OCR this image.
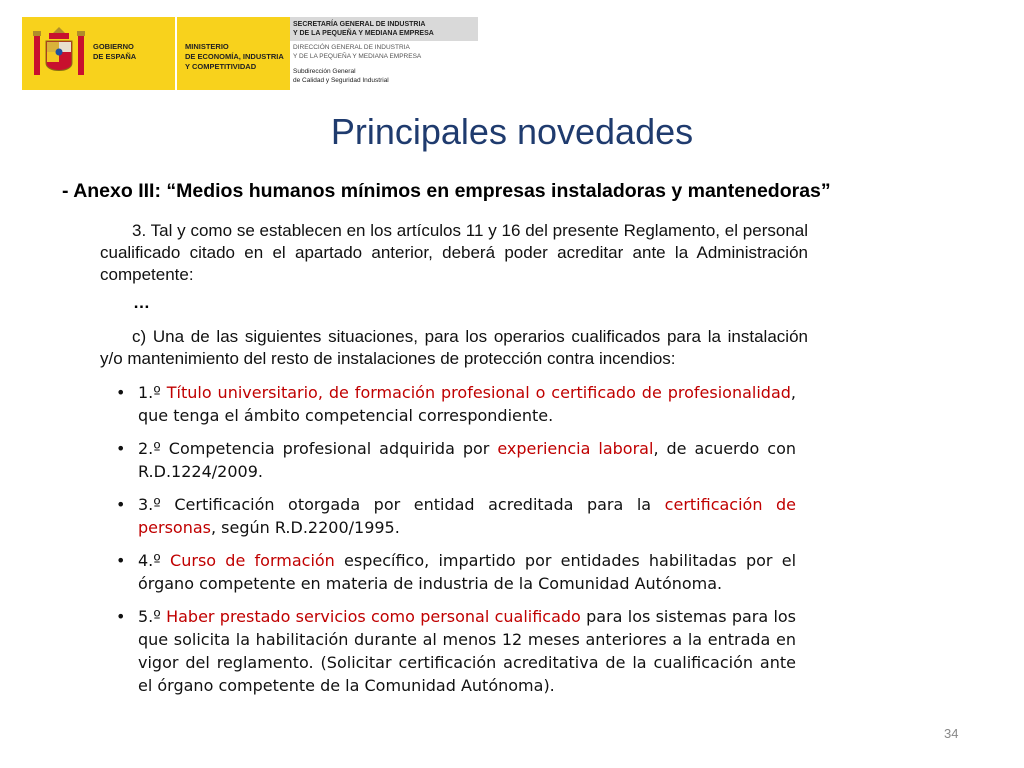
GOBIERNO
DE ESPAÑA
MINISTERIO
DE ECONOMÍA, INDUSTRIA
Y COMPETITIVIDAD
SECRETARÍA GENERAL DE INDUSTRIA
Y DE LA PEQUEÑA Y MEDIANA EMPRESA
DIRECCIÓN GENERAL DE INDUSTRIA
Y DE LA PEQUEÑA Y MEDIANA EMPRESA
Subdirección General
de Calidad y Seguridad Industrial
Principales novedades
- Anexo III: “Medios humanos mínimos en empresas instaladoras y mantenedoras”
3. Tal y como se establecen en los artículos 11 y 16 del presente Reglamento, el personal cualificado citado en el apartado anterior, deberá poder acreditar ante la Administración competente:
…
c) Una de las siguientes situaciones, para los operarios cualificados para la instalación y/o mantenimiento del resto de instalaciones de protección contra incendios:
• 1.º Título universitario, de formación profesional o certificado de profesionalidad, que tenga el ámbito competencial correspondiente.
• 2.º Competencia profesional adquirida por experiencia laboral, de acuerdo con R.D.1224/2009.
• 3.º Certificación otorgada por entidad acreditada para la certificación de personas, según R.D.2200/1995.
• 4.º Curso de formación específico, impartido por entidades habilitadas por el órgano competente en materia de industria de la Comunidad Autónoma.
• 5.º Haber prestado servicios como personal cualificado para los sistemas para los que solicita la habilitación durante al menos 12 meses anteriores a la entrada en vigor del reglamento. (Solicitar certificación acreditativa de la cualificación ante el órgano competente de la Comunidad Autónoma).
34
